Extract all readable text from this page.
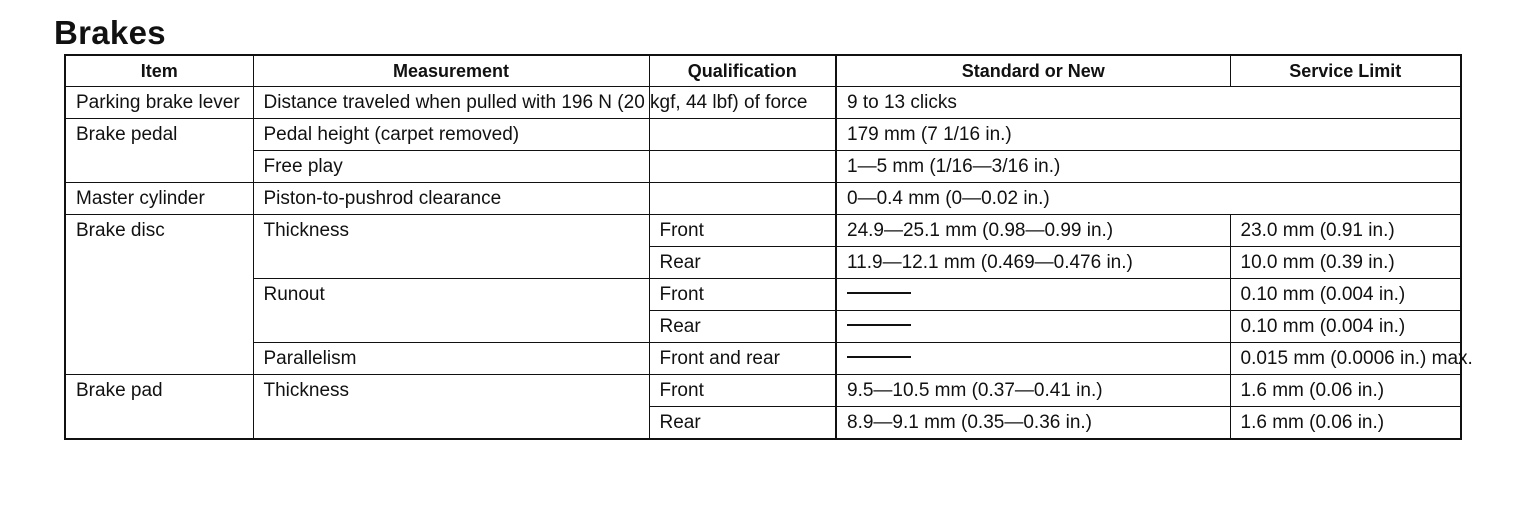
Brakes
Item	Measurement	Qualification	Standard or New	Service Limit
Parking brake lever	Distance traveled when pulled with 196 N (20 kgf, 44 lbf) of force		9 to 13 clicks	
Brake pedal	Pedal height (carpet removed)		179 mm (7 1/16 in.)	
	Free play		1—5 mm (1/16—3/16 in.)	
Master cylinder	Piston-to-pushrod clearance		0—0.4 mm (0—0.02 in.)	
Brake disc	Thickness	Front	24.9—25.1 mm (0.98—0.99 in.)	23.0 mm (0.91 in.)
		Rear	11.9—12.1 mm (0.469—0.476 in.)	10.0 mm (0.39 in.)
	Runout	Front		0.10 mm (0.004 in.)
		Rear		0.10 mm (0.004 in.)
	Parallelism	Front and rear		0.015 mm (0.0006 in.) max.
Brake pad	Thickness	Front	9.5—10.5 mm (0.37—0.41 in.)	1.6 mm (0.06 in.)
		Rear	8.9—9.1 mm (0.35—0.36 in.)	1.6 mm (0.06 in.)
